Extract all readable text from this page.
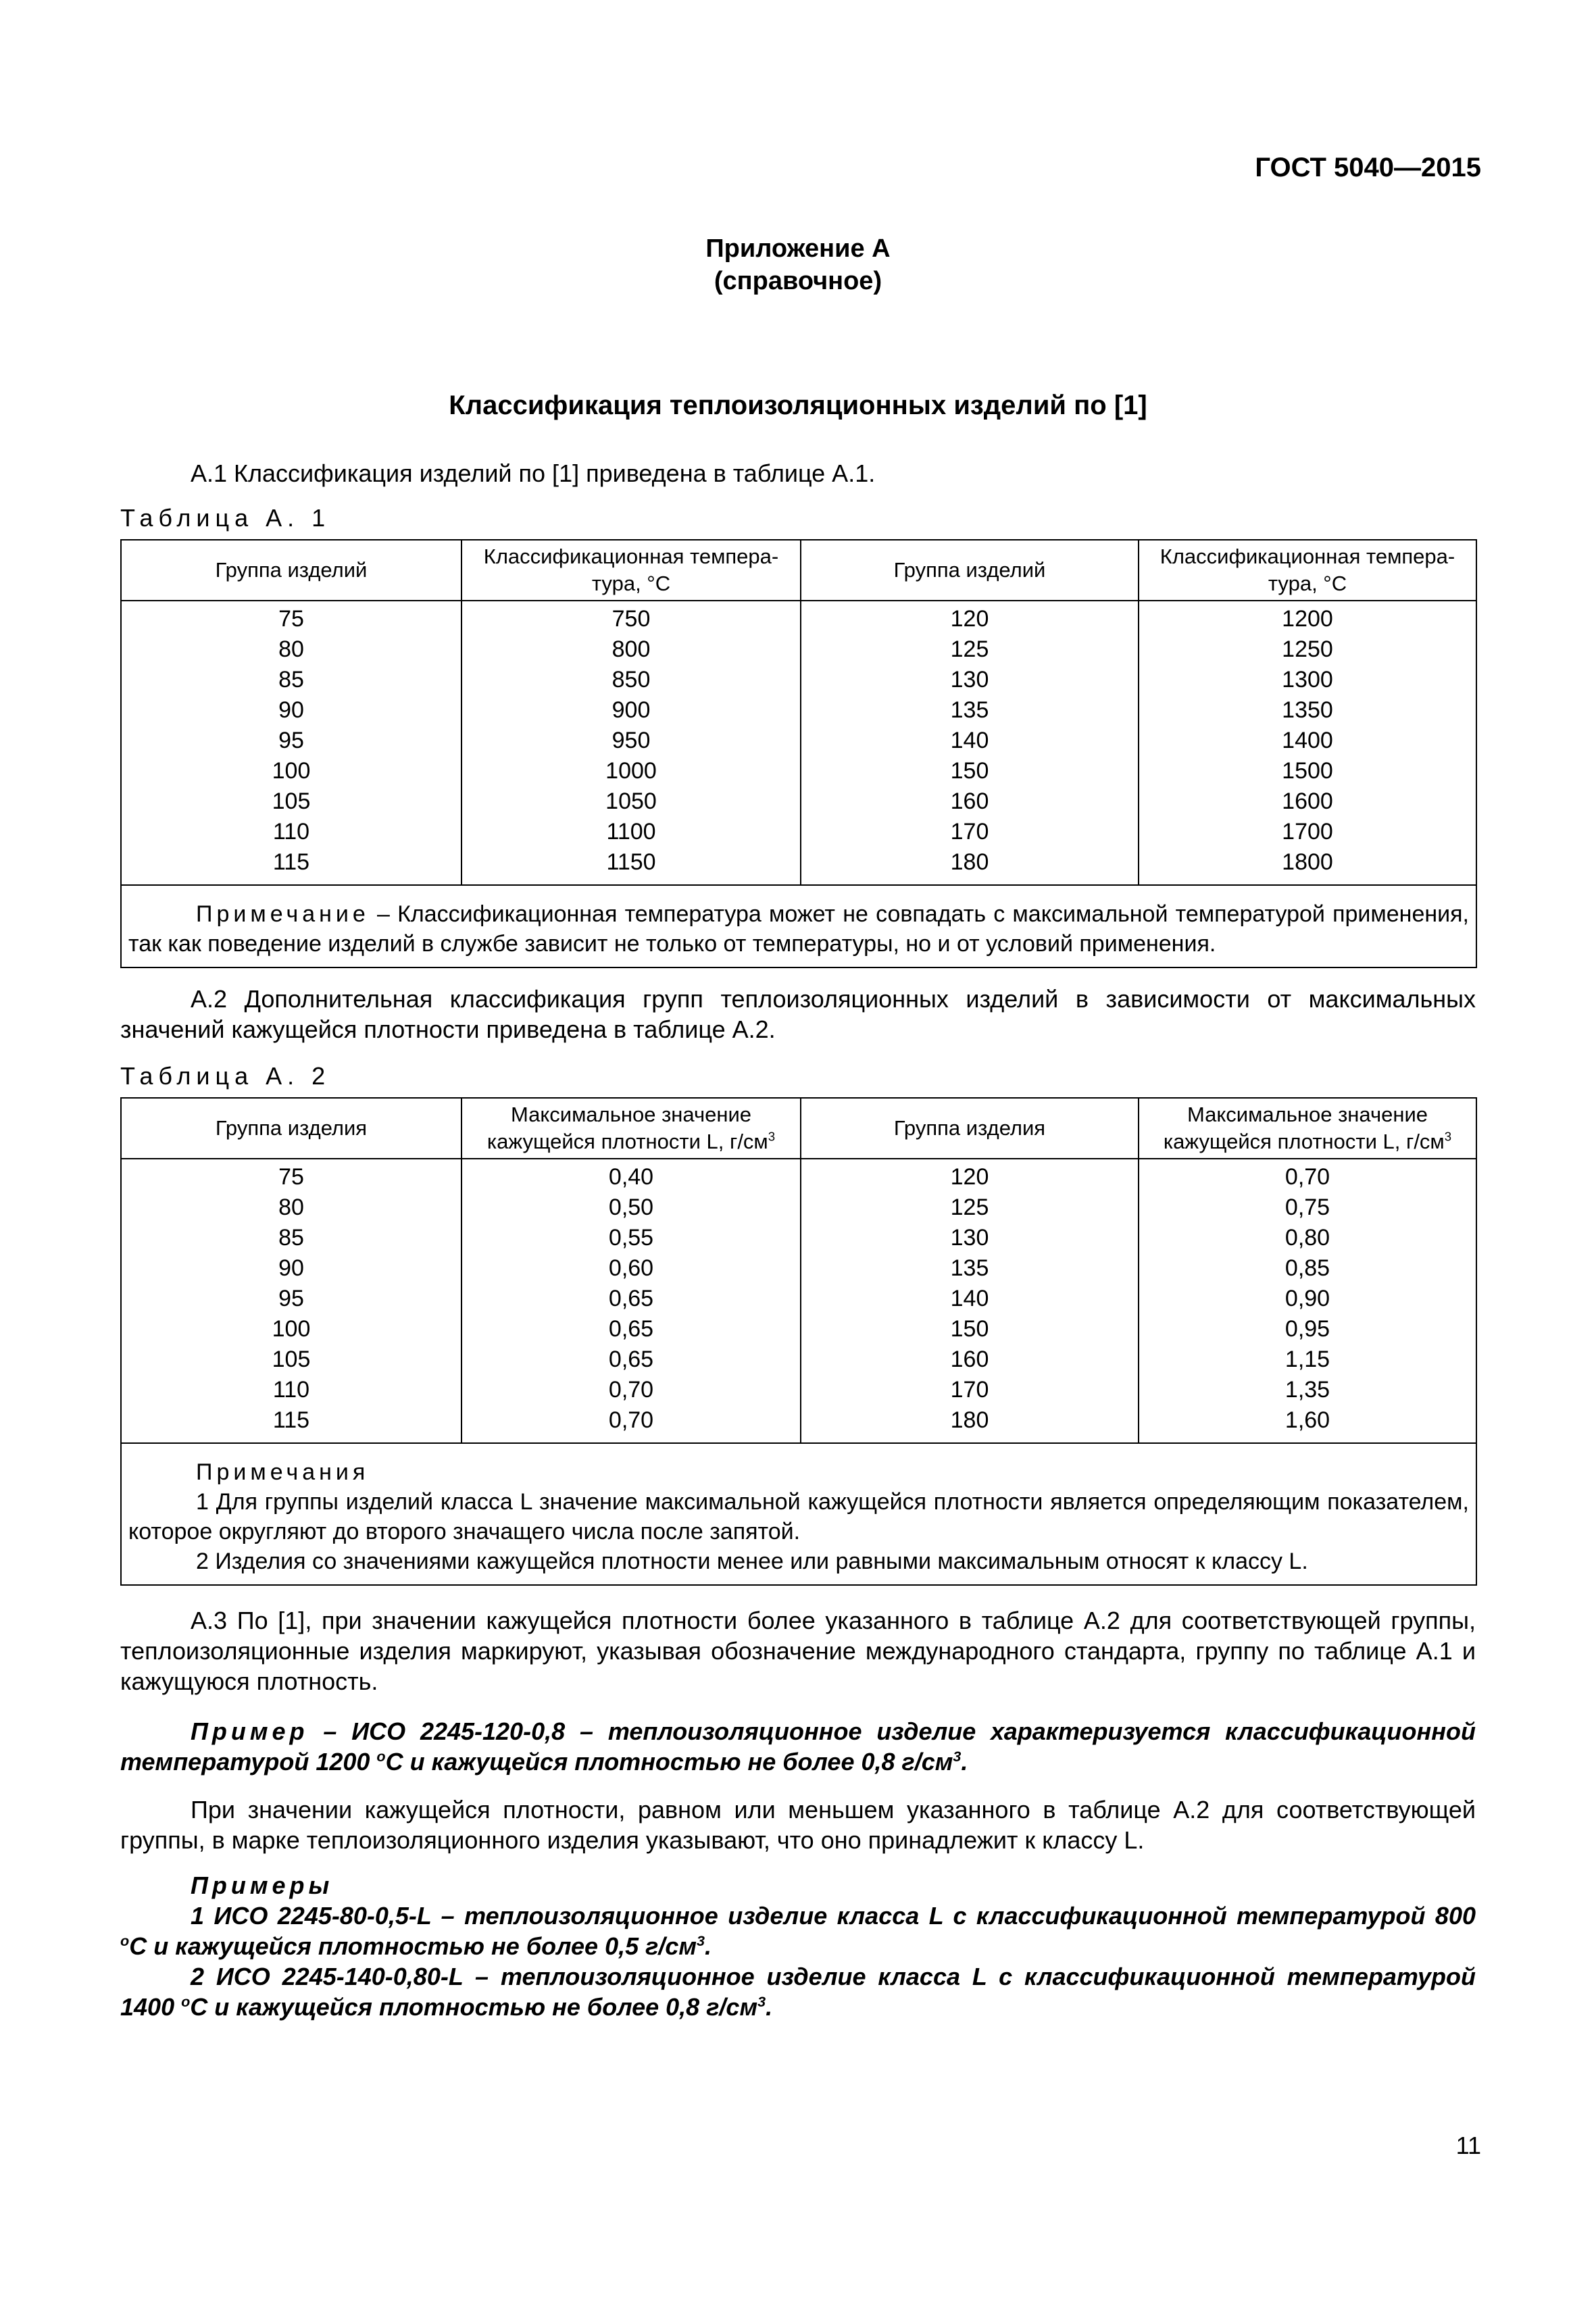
ГОСТ 5040—2015
Приложение А
(справочное)
Классификация теплоизоляционных изделий по [1]
А.1 Классификация изделий по [1] приведена в таблице А.1.
Таблица А. 1
Группа изделий	Классификационная темпера-тура, °С	Группа изделий	Классификационная темпера-тура, °С
75	750	120	1200
80	800	125	1250
85	850	130	1300
90	900	135	1350
95	950	140	1400
100	1000	150	1500
105	1050	160	1600
110	1100	170	1700
115	1150	180	1800
Примечание – Классификационная температура может не совпадать с максимальной температурой применения, так как поведение изделий в службе зависит не только от температуры, но и от условий применения.			
А.2 Дополнительная классификация групп теплоизоляционных изделий в зависимости от максимальных значений кажущейся плотности приведена в таблице А.2.
Таблица А. 2
Группа изделия	Максимальное значение кажущейся плотности L, $г/см^3$	Группа изделия	Максимальное значение кажущейся плотности L, $г/см^3$
75	0,40	120	0,70
80	0,50	125	0,75
85	0,55	130	0,80
90	0,60	135	0,85
95	0,65	140	0,90
100	0,65	150	0,95
105	0,65	160	1,15
110	0,70	170	1,35
115	0,70	180	1,60

Примечания
1 Для группы изделий класса L значение максимальной кажущейся плотности является определяющим показателем, которое округляют до второго значащего числа после запятой.
2 Изделия со значениями кажущейся плотности менее или равными максимальным относят к классу L.			
А.3 По [1], при значении кажущейся плотности более указанного в таблице А.2 для соответствующей группы, теплоизоляционные изделия маркируют, указывая обозначение международного стандарта, группу по таблице А.1 и кажущуюся плотность.

Пример – ИСО 2245-120-0,8 – теплоизоляционное изделие характеризуется классификационной температурой 1200 $^о$С и кажущейся плотностью не более 0,8 $г/см^3$.

При значении кажущейся плотности, равном или меньшем указанного в таблице А.2 для соответствующей группы, в марке теплоизоляционного изделия указывают, что оно принадлежит к классу L.

Примеры

1 ИСО 2245-80-0,5-L – теплоизоляционное изделие класса L с классификационной температурой 800 $^о$С и кажущейся плотностью не более 0,5 $г/см^3$.

2 ИСО 2245-140-0,80-L – теплоизоляционное изделие класса L с классификационной температурой 1400 $^о$С и кажущейся плотностью не более 0,8 $г/см^3$.

11
